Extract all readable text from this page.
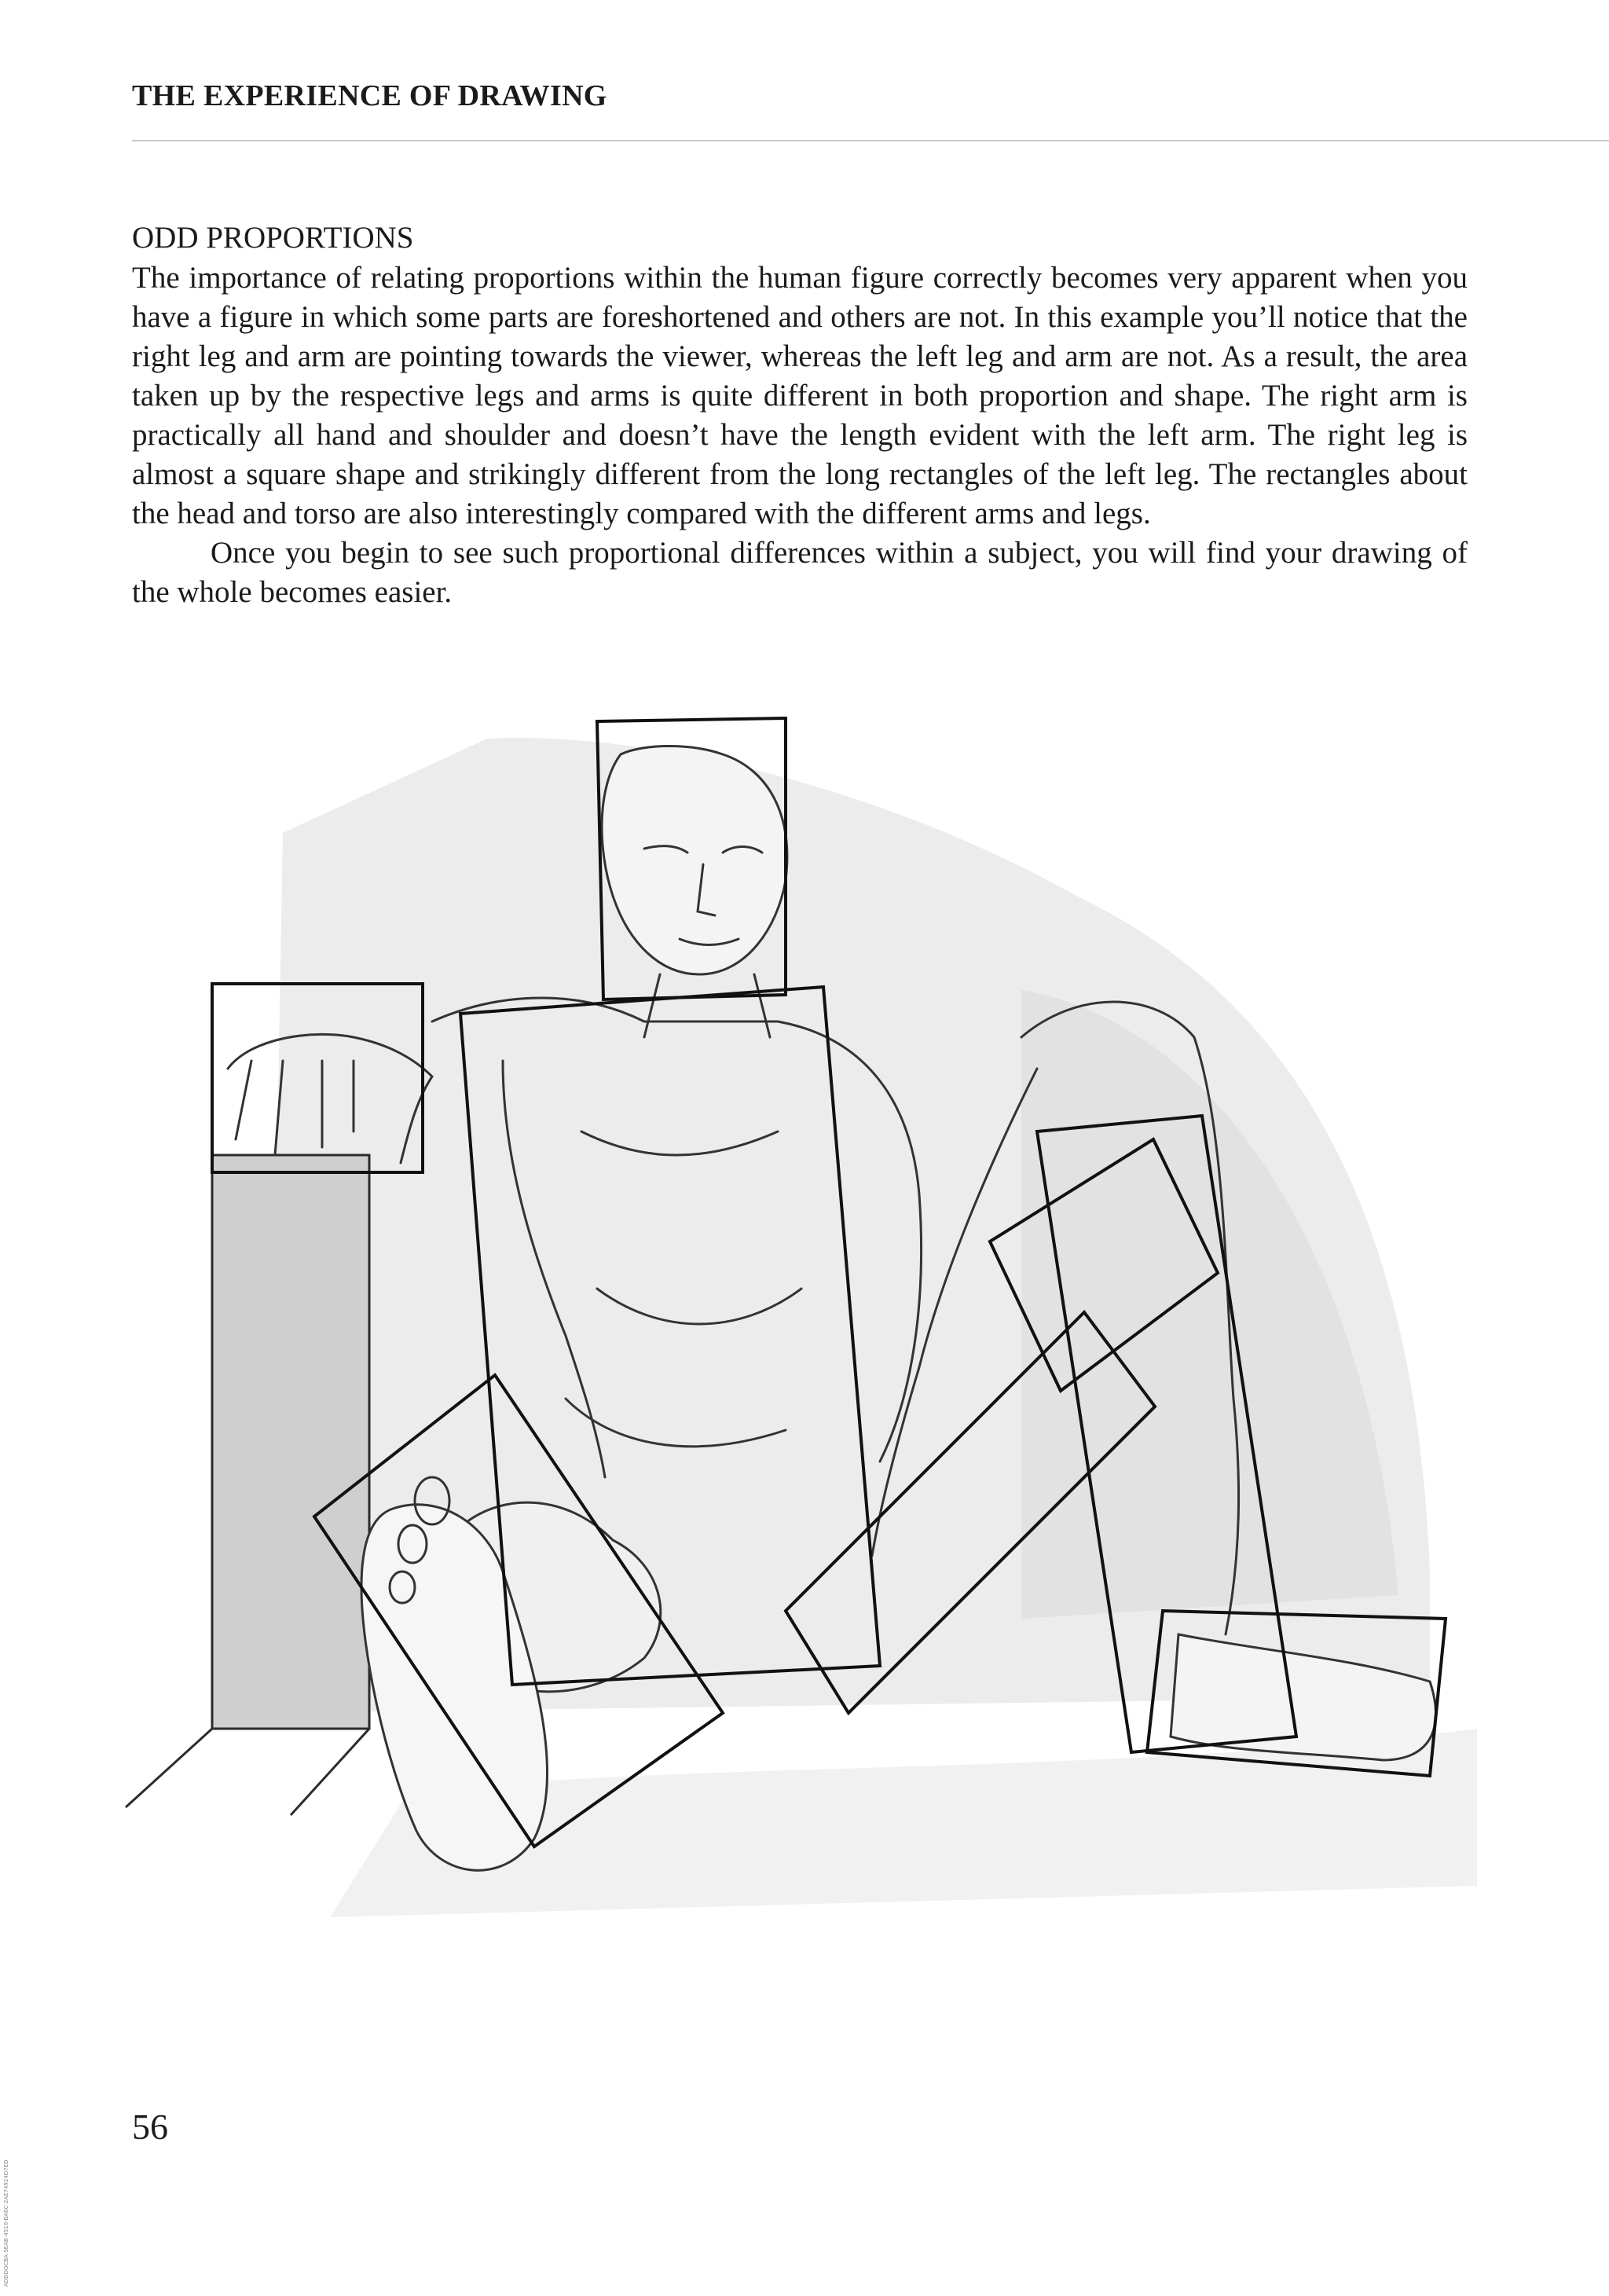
THE EXPERIENCE OF DRAWING
ODD PROPORTIONS

The importance of relating proportions within the human figure correctly becomes very apparent when you have a figure in which some parts are foreshortened and others are not. In this example you’ll notice that the right leg and arm are pointing towards the viewer, whereas the left leg and arm are not. As a result, the area taken up by the respective legs and arms is quite different in both proportion and shape. The right arm is practically all hand and shoulder and doesn’t have the length evident with the left arm. The right leg is almost a square shape and strikingly different from the long rectangles of the left leg. The rectangles about the head and torso are also interestingly compared with the different arms and legs.

Once you begin to see such proportional differences within a subject, you will find your drawing of the whole becomes easier.

56
ADDDOCBA-5EAB-4510-BA6C-2AE74924D7ED
